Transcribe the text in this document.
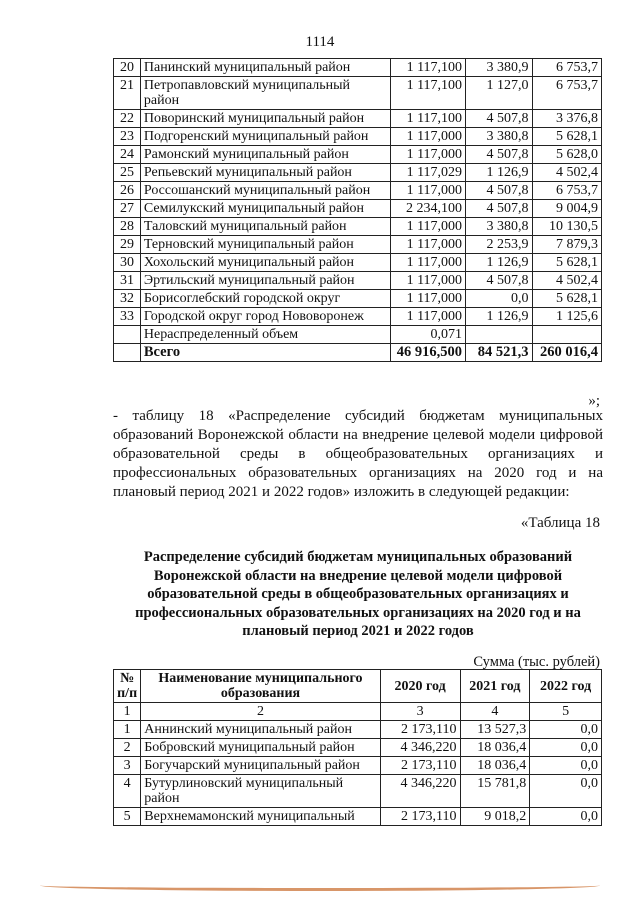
1114
20	Панинский муниципальный район	1 117,100	3 380,9	6 753,7
21	Петропавловский муниципальный район	1 117,100	1 127,0	6 753,7
22	Поворинский муниципальный район	1 117,100	4 507,8	3 376,8
23	Подгоренский муниципальный район	1 117,000	3 380,8	5 628,1
24	Рамонский муниципальный район	1 117,000	4 507,8	5 628,0
25	Репьевский муниципальный район	1 117,029	1 126,9	4 502,4
26	Россошанский муниципальный район	1 117,000	4 507,8	6 753,7
27	Семилукский муниципальный район	2 234,100	4 507,8	9 004,9
28	Таловский муниципальный район	1 117,000	3 380,8	10 130,5
29	Терновский муниципальный район	1 117,000	2 253,9	7 879,3
30	Хохольский муниципальный район	1 117,000	1 126,9	5 628,1
31	Эртильский муниципальный район	1 117,000	4 507,8	4 502,4
32	Борисоглебский городской округ	1 117,000	0,0	5 628,1
33	Городской округ город Нововоронеж	1 117,000	1 126,9	1 125,6
	Нераспределенный объем	0,071		
	Всего	46 916,500	84 521,3	260 016,4
»;
- таблицу 18 «Распределение субсидий бюджетам муниципальных образований Воронежской области на внедрение целевой модели цифровой образовательной среды в общеобразовательных организациях и профессиональных образовательных организациях на 2020 год и на плановый период 2021 и 2022 годов» изложить в следующей редакции:
«Таблица 18
Распределение субсидий бюджетам муниципальных образований Воронежской области на внедрение целевой модели цифровой образовательной среды в общеобразовательных организациях и профессиональных образовательных организациях на 2020 год и на плановый период 2021 и 2022 годов
Сумма (тыс. рублей)
№ п/п	Наименование муниципального образования	2020 год	2021 год	2022 год
1	2	3	4	5
1	Аннинский муниципальный район	2 173,110	13 527,3	0,0
2	Бобровский муниципальный район	4 346,220	18 036,4	0,0
3	Богучарский муниципальный район	2 173,110	18 036,4	0,0
4	Бутурлиновский муниципальный район	4 346,220	15 781,8	0,0
5	Верхнемамонский муниципальный	2 173,110	9 018,2	0,0
